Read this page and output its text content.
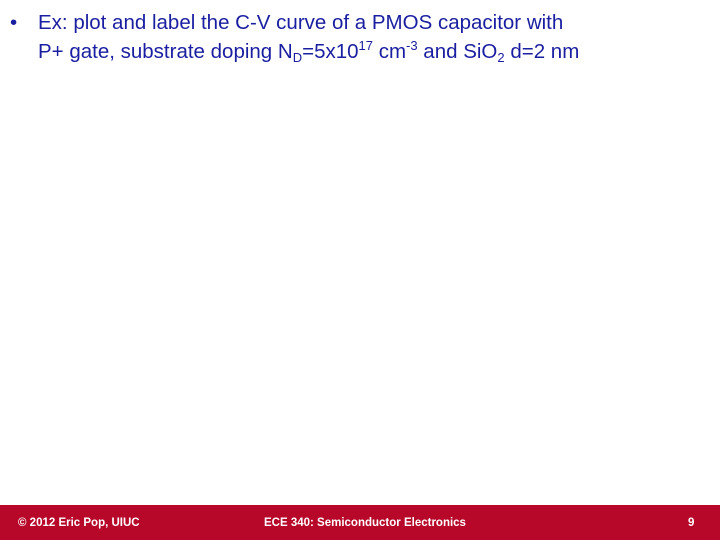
•	Ex: plot and label the C-V curve of a PMOS capacitor with
P+ gate, substrate doping $N_D=5x10^{17}$ $cm^{-3}$ and SiO$_2$ d=2 nm
© 2012 Eric Pop, UIUC	ECE 340: Semiconductor Electronics	9
